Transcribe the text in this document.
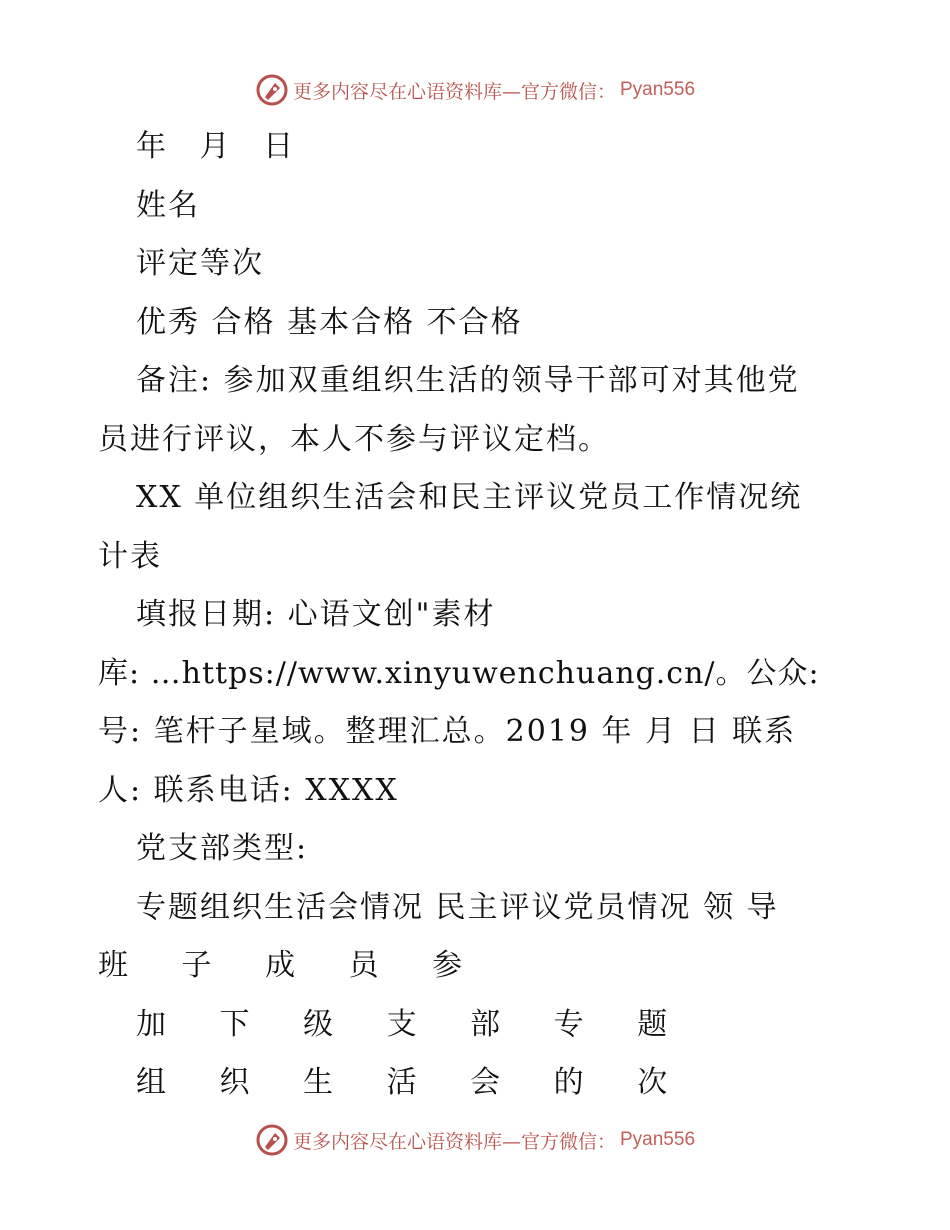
更多内容尽在心语资料库—官方微信： Pyan556
年 月 日
姓名
评定等次
优秀 合格 基本合格 不合格
备注: 参加双重组织生活的领导干部可对其他党
员进行评议，本人不参与评议定档。
XX 单位组织生活会和民主评议党员工作情况统
计表
填报日期: 心语文创"素材
库: …https://www.xinyuwenchuang.cn/。公众:
号: 笔杆子星域。整理汇总。2019 年 月 日 联系
人: 联系电话: XXXX
党支部类型:
专题组织生活会情况 民主评议党员情况 领 导
班 子 成 员 参
加 下 级 支 部 专 题
组 织 生 活 会 的 次
更多内容尽在心语资料库—官方微信： Pyan556
